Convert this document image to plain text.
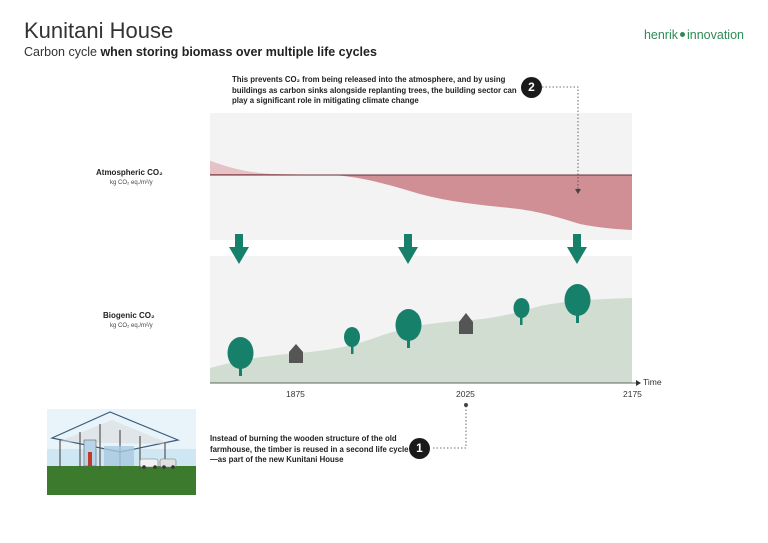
Kunitani House
Carbon cycle when storing biomass over multiple life cycles
henrik innovation
Atmospheric CO₂
kg CO₂ eq./m²/y
Biogenic CO₂
kg CO₂ eq./m²/y
1875	2025	2175
Time
This prevents CO₂ from being released into the atmosphere, and by using buildings as carbon sinks alongside replanting trees, the building sector can play a significant role in mitigating climate change
2
Instead of burning the wooden structure of the old farmhouse, the timber is reused in a second life cycle—as part of the new Kunitani House
1
